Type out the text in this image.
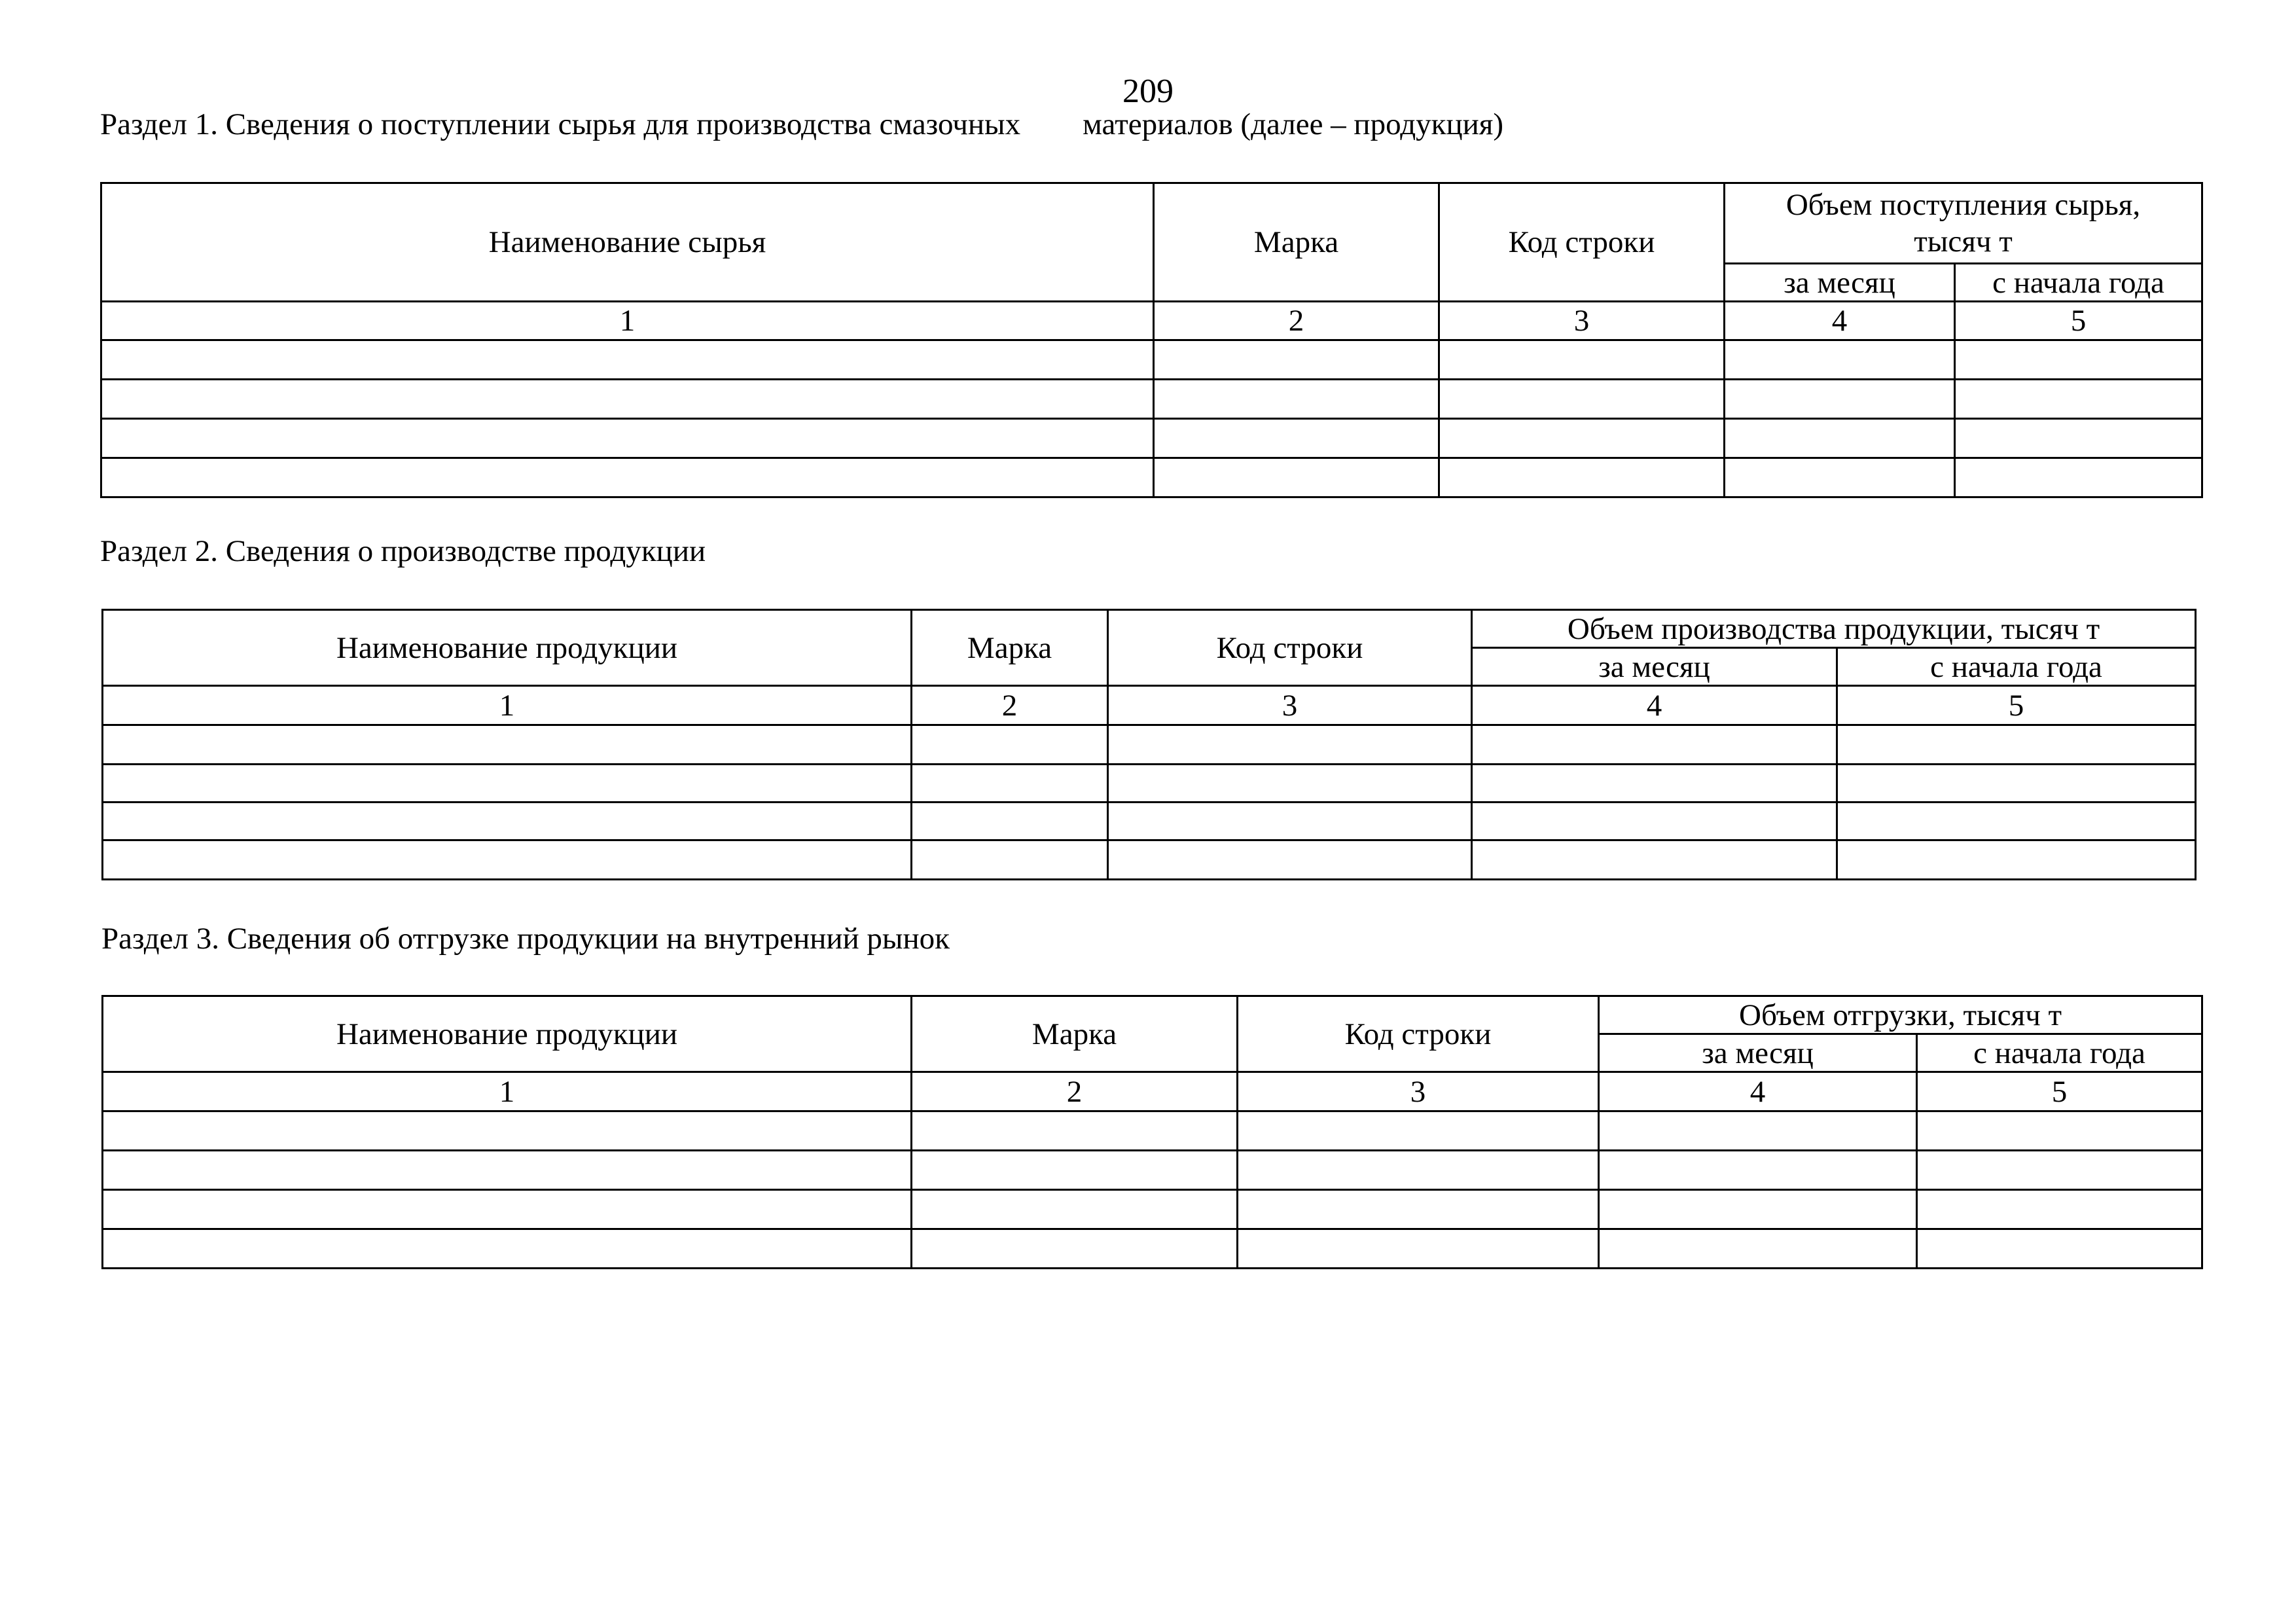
209
Раздел 1. Сведения о поступлении сырья для производства смазочных материалов (далее – продукция)
Наименование сырья	Марка	Код строки	Объем поступления сырья, тысяч т	
			за месяц	с начала года
1	2	3	4	5

Раздел 2. Сведения о производстве продукции
Наименование продукции	Марка	Код строки	Объем производства продукции, тысяч т	
			за месяц	с начала года
1	2	3	4	5

Раздел 3. Сведения об отгрузке продукции на внутренний рынок
Наименование продукции	Марка	Код строки	Объем отгрузки, тысяч т	
			за месяц	с начала года
1	2	3	4	5
